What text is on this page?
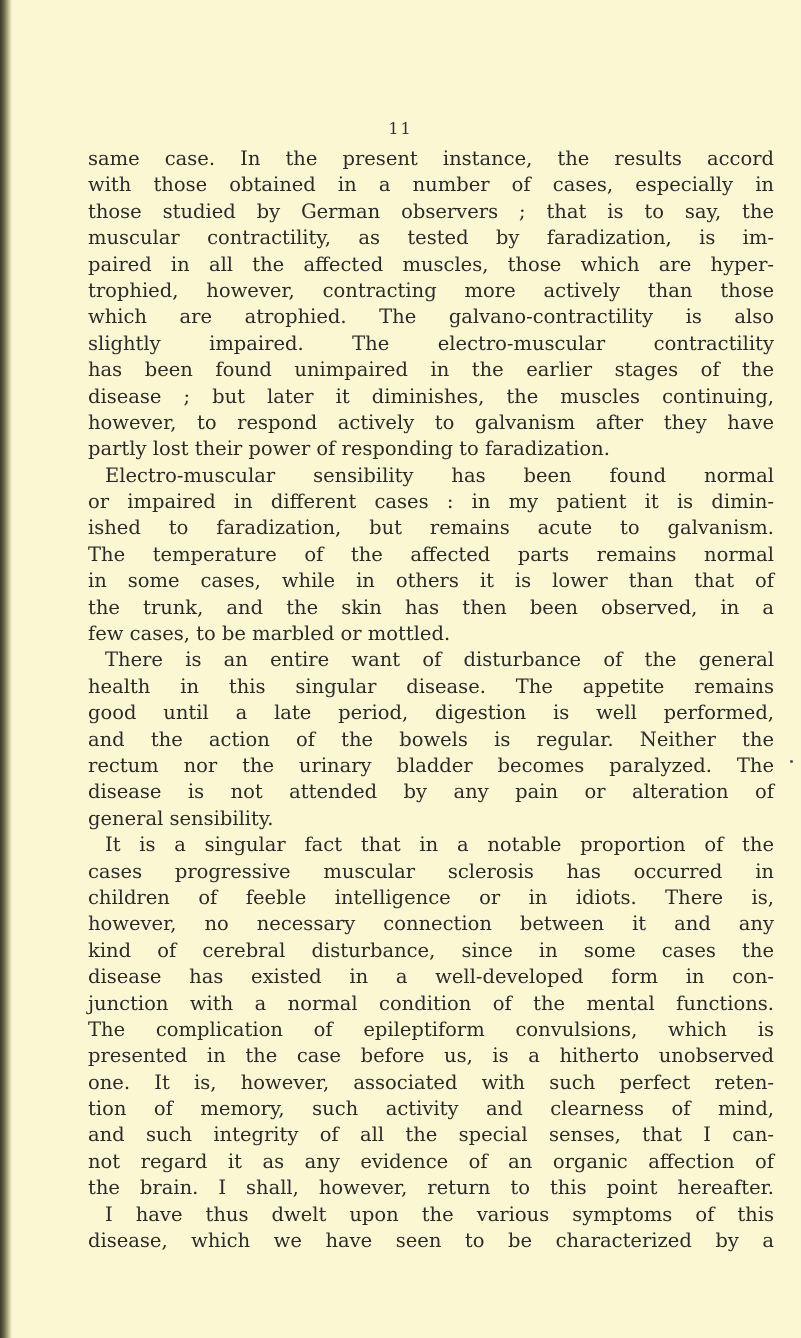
11
same case. In the present instance, the results accord
with those obtained in a number of cases, especially in
those studied by German observers ; that is to say, the
muscular contractility, as tested by faradization, is im-
paired in all the affected muscles, those which are hyper-
trophied, however, contracting more actively than those
which are atrophied. The galvano-contractility is also
slightly impaired. The electro-muscular contractility
has been found unimpaired in the earlier stages of the
disease ; but later it diminishes, the muscles continuing,
however, to respond actively to galvanism after they have
partly lost their power of responding to faradization.
Electro-muscular sensibility has been found normal
or impaired in different cases : in my patient it is dimin-
ished to faradization, but remains acute to galvanism.
The temperature of the affected parts remains normal
in some cases, while in others it is lower than that of
the trunk, and the skin has then been observed, in a
few cases, to be marbled or mottled.
There is an entire want of disturbance of the general
health in this singular disease. The appetite remains
good until a late period, digestion is well performed,
and the action of the bowels is regular. Neither the
rectum nor the urinary bladder becomes paralyzed. The
disease is not attended by any pain or alteration of
general sensibility.
It is a singular fact that in a notable proportion of the
cases progressive muscular sclerosis has occurred in
children of feeble intelligence or in idiots. There is,
however, no necessary connection between it and any
kind of cerebral disturbance, since in some cases the
disease has existed in a well-developed form in con-
junction with a normal condition of the mental functions.
The complication of epileptiform convulsions, which is
presented in the case before us, is a hitherto unobserved
one. It is, however, associated with such perfect reten-
tion of memory, such activity and clearness of mind,
and such integrity of all the special senses, that I can-
not regard it as any evidence of an organic affection of
the brain. I shall, however, return to this point hereafter.
I have thus dwelt upon the various symptoms of this
disease, which we have seen to be characterized by a
